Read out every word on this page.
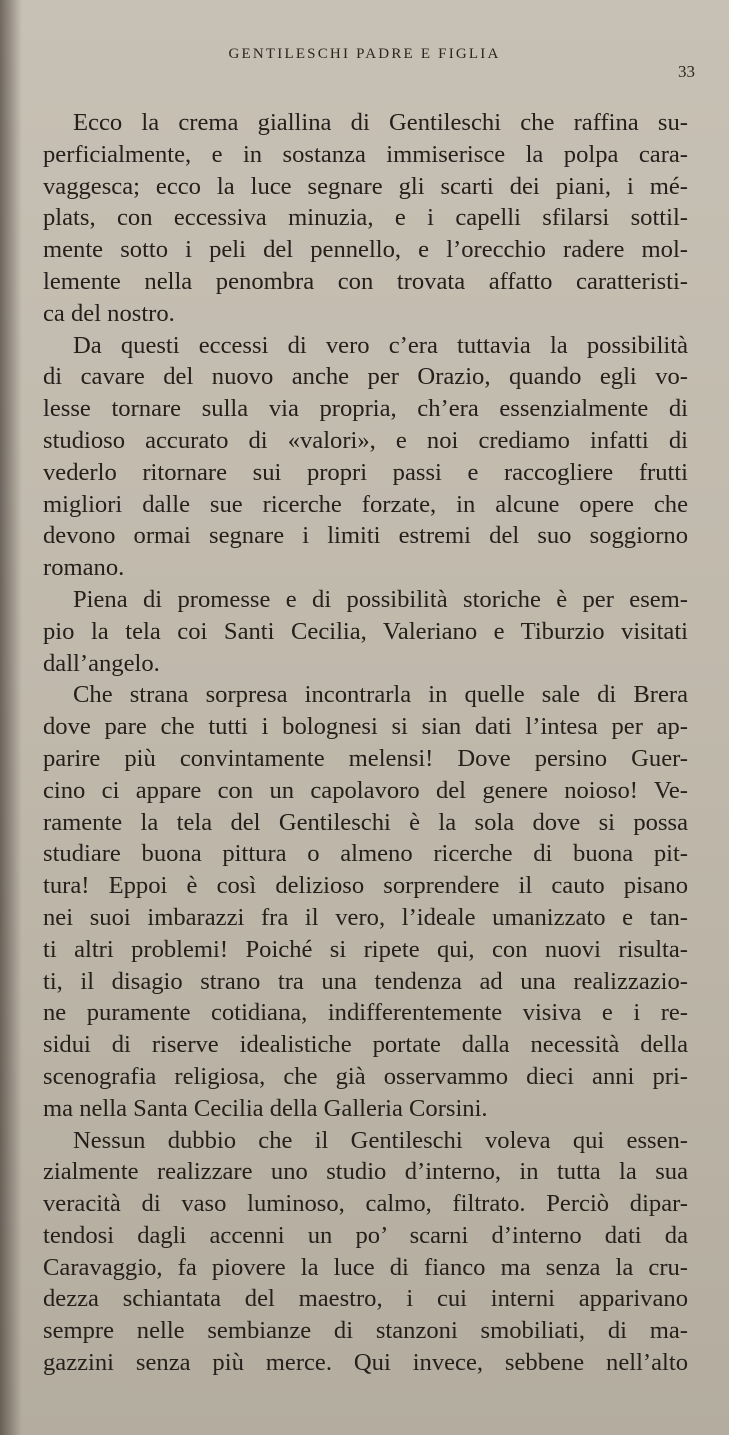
GENTILESCHI PADRE E FIGLIA
33
Ecco la crema giallina di Gentileschi che raffina su-
perficialmente, e in sostanza immiserisce la polpa cara-
vaggesca; ecco la luce segnare gli scarti dei piani, i mé-
plats, con eccessiva minuzia, e i capelli sfilarsi sottil-
mente sotto i peli del pennello, e l’orecchio radere mol-
lemente nella penombra con trovata affatto caratteristi-
ca del nostro.
Da questi eccessi di vero c’era tuttavia la possibilità
di cavare del nuovo anche per Orazio, quando egli vo-
lesse tornare sulla via propria, ch’era essenzialmente di
studioso accurato di «valori», e noi crediamo infatti di
vederlo ritornare sui propri passi e raccogliere frutti
migliori dalle sue ricerche forzate, in alcune opere che
devono ormai segnare i limiti estremi del suo soggiorno
romano.
Piena di promesse e di possibilità storiche è per esem-
pio la tela coi Santi Cecilia, Valeriano e Tiburzio visitati
dall’angelo.
Che strana sorpresa incontrarla in quelle sale di Brera
dove pare che tutti i bolognesi si sian dati l’intesa per ap-
parire più convintamente melensi! Dove persino Guer-
cino ci appare con un capolavoro del genere noioso! Ve-
ramente la tela del Gentileschi è la sola dove si possa
studiare buona pittura o almeno ricerche di buona pit-
tura! Eppoi è così delizioso sorprendere il cauto pisano
nei suoi imbarazzi fra il vero, l’ideale umanizzato e tan-
ti altri problemi! Poiché si ripete qui, con nuovi risulta-
ti, il disagio strano tra una tendenza ad una realizzazio-
ne puramente cotidiana, indifferentemente visiva e i re-
sidui di riserve idealistiche portate dalla necessità della
scenografia religiosa, che già osservammo dieci anni pri-
ma nella Santa Cecilia della Galleria Corsini.
Nessun dubbio che il Gentileschi voleva qui essen-
zialmente realizzare uno studio d’interno, in tutta la sua
veracità di vaso luminoso, calmo, filtrato. Perciò dipar-
tendosi dagli accenni un po’ scarni d’interno dati da
Caravaggio, fa piovere la luce di fianco ma senza la cru-
dezza schiantata del maestro, i cui interni apparivano
sempre nelle sembianze di stanzoni smobiliati, di ma-
gazzini senza più merce. Qui invece, sebbene nell’alto
